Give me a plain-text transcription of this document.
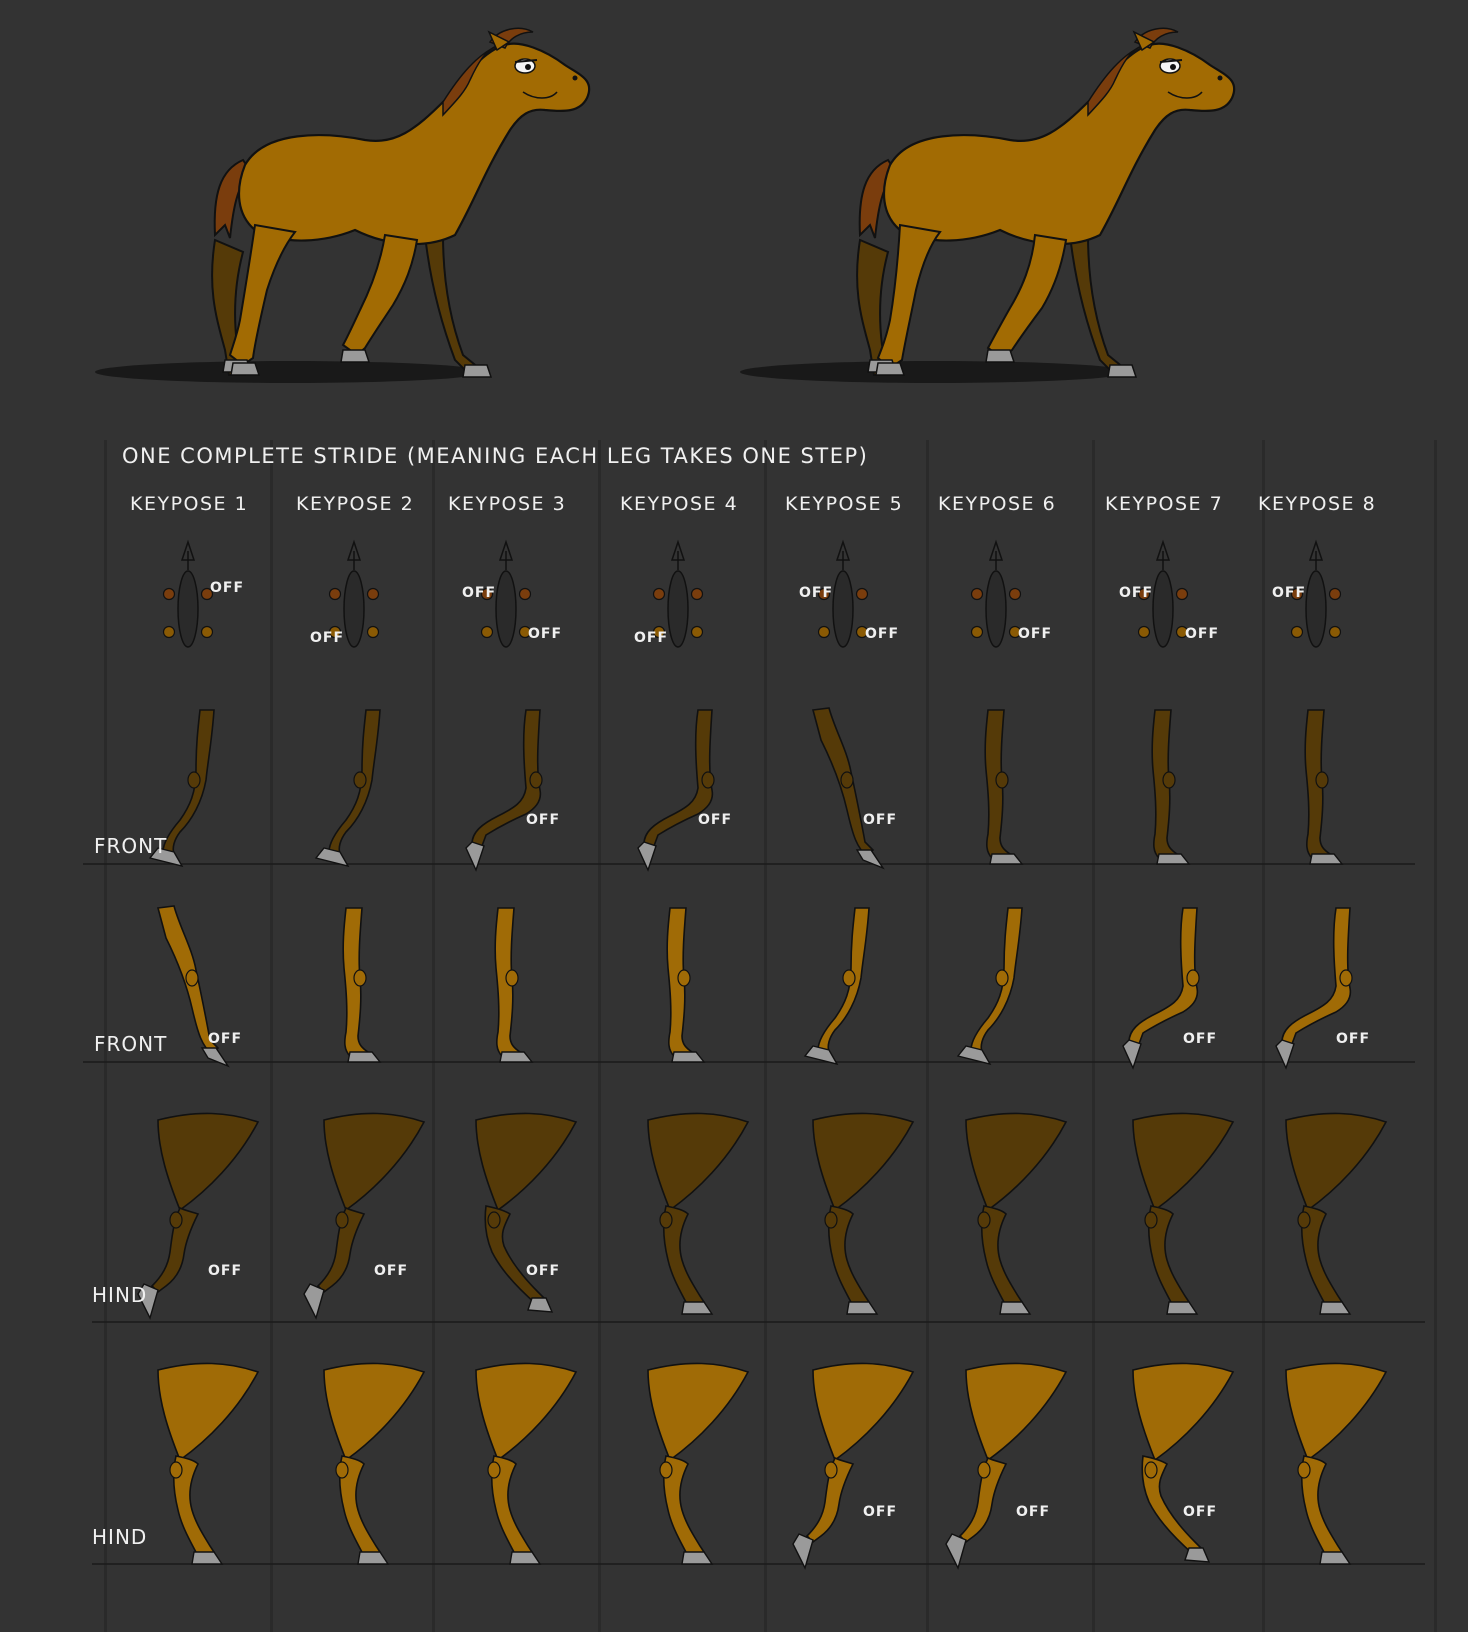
ONE COMPLETE STRIDE (MEANING EACH LEG TAKES ONE STEP)
KEYPOSE 1	KEYPOSE 2 KEYPOSE 3	KEYPOSE 4 KEYPOSE 5 KEYPOSE 6	KEYPOSE 7 KEYPOSE 8
FRONT
FRONT
HIND
HIND
OFF
OFF
OFF
OFF	OFF
OFF
OFF	OFF
OFF
OFF
OFF
OFF	OFF	OFF
OFF	OFF	OFF
OFF	OFF	OFF
OFF	OFF	OFF
